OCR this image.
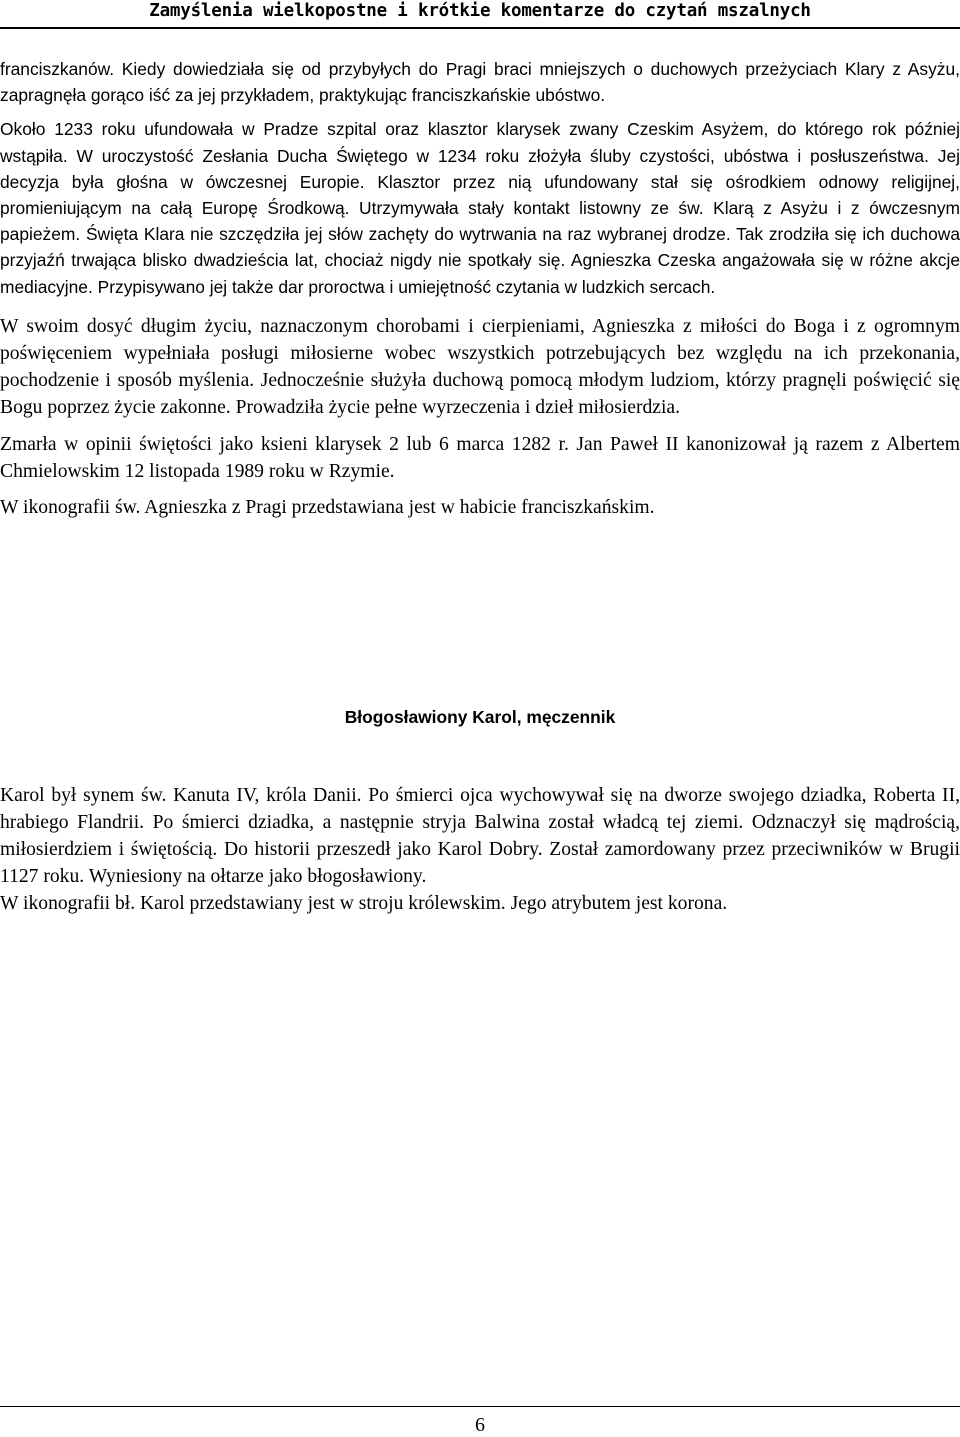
Zamyślenia wielkopostne i krótkie komentarze do czytań mszalnych

franciszkanów. Kiedy dowiedziała się od przybyłych do Pragi braci mniejszych o duchowych przeżyciach Klary z Asyżu, zapragnęła gorąco iść za jej przykładem, praktykując franciszkańskie ubóstwo.

Około 1233 roku ufundowała w Pradze szpital oraz klasztor klarysek zwany Czeskim Asyżem, do którego rok później wstąpiła. W uroczystość Zesłania Ducha Świętego w 1234 roku złożyła śluby czystości, ubóstwa i posłuszeństwa. Jej decyzja była głośna w ówczesnej Europie. Klasztor przez nią ufundowany stał się ośrodkiem odnowy religijnej, promieniującym na całą Europę Środkową. Utrzymywała stały kontakt listowny ze św. Klarą z Asyżu i z ówczesnym papieżem. Święta Klara nie szczędziła jej słów zachęty do wytrwania na raz wybranej drodze. Tak zrodziła się ich duchowa przyjaźń trwająca blisko dwadzieścia lat, chociaż nigdy nie spotkały się. Agnieszka Czeska angażowała się w różne akcje mediacyjne. Przypisywano jej także dar proroctwa i umiejętność czytania w ludzkich sercach.

W swoim dosyć długim życiu, naznaczonym chorobami i cierpieniami, Agnieszka z miłości do Boga i z ogromnym poświęceniem wypełniała posługi miłosierne wobec wszystkich potrzebujących bez względu na ich przekonania, pochodzenie i sposób myślenia. Jednocześnie służyła duchową pomocą młodym ludziom, którzy pragnęli poświęcić się Bogu poprzez życie zakonne. Prowadziła życie pełne wyrzeczenia i dzieł miłosierdzia.

Zmarła w opinii świętości jako ksieni klarysek 2 lub 6 marca 1282 r. Jan Paweł II kanonizował ją razem z Albertem Chmielowskim 12 listopada 1989 roku w Rzymie.

W ikonografii św. Agnieszka z Pragi przedstawiana jest w habicie franciszkańskim.

Błogosławiony Karol, męczennik

Karol był synem św. Kanuta IV, króla Danii. Po śmierci ojca wychowywał się na dworze swojego dziadka, Roberta II, hrabiego Flandrii. Po śmierci dziadka, a następnie stryja Balwina został władcą tej ziemi. Odznaczył się mądrością, miłosierdziem i świętością. Do historii przeszedł jako Karol Dobry. Został zamordowany przez przeciwników w Brugii 1127 roku. Wyniesiony na ołtarze jako błogosławiony.

W ikonografii bł. Karol przedstawiany jest w stroju królewskim. Jego atrybutem jest korona.

6
